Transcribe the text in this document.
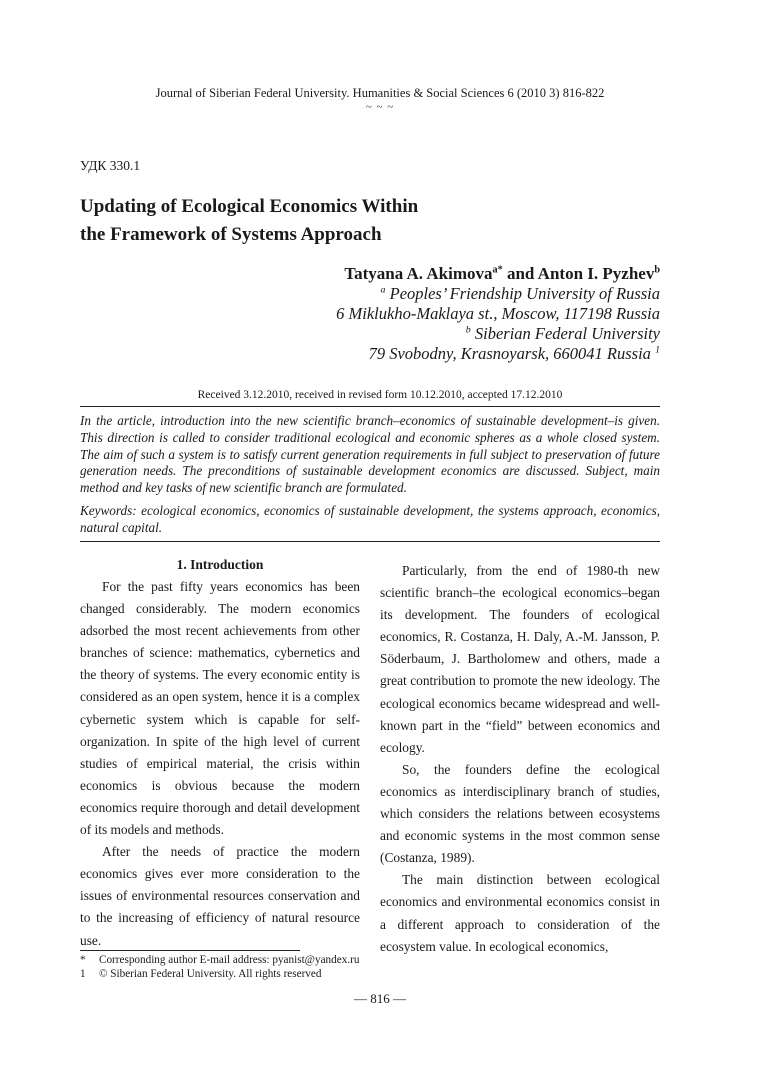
Journal of Siberian Federal University. Humanities & Social Sciences 6 (2010 3) 816-822
~ ~ ~
УДК 330.1
Updating of Ecological Economics Within
the Framework of Systems Approach
Tatyana A. Akimova$^{a*}$ and Anton I. Pyzhev$^b$
$^a$ Peoples’ Friendship University of Russia
6 Miklukho-Maklaya st., Moscow, 117198 Russia
$^b$ Siberian Federal University
79 Svobodny, Krasnoyarsk, 660041 Russia $^1$
Received 3.12.2010, received in revised form 10.12.2010, accepted 17.12.2010

In the article, introduction into the new scientific branch–economics of sustainable development–is given. This direction is called to consider traditional ecological and economic spheres as a whole closed system. The aim of such a system is to satisfy current generation requirements in full subject to preservation of future generation needs. The preconditions of sustainable development economics are discussed. Subject, main method and key tasks of new scientific branch are formulated.

Keywords: ecological economics, economics of sustainable development, the systems approach, economics, natural capital.

1. Introduction

For the past fifty years economics has been changed considerably. The modern economics adsorbed the most recent achievements from other branches of science: mathematics, cybernetics and the theory of systems. The every economic entity is considered as an open system, hence it is a complex cybernetic system which is capable for self-organization. In spite of the high level of current studies of empirical material, the crisis within economics is obvious because the modern economics require thorough and detail development of its models and methods.

After the needs of practice the modern economics gives ever more consideration to the issues of environmental resources conservation and to the increasing of efficiency of natural resource use.

Particularly, from the end of 1980-th new scientific branch–the ecological economics–began its development. The founders of ecological economics, R. Costanza, H. Daly, A.-M. Jansson, P. Söderbaum, J. Bartholomew and others, made a great contribution to promote the new ideology. The ecological economics became widespread and well-known part in the “field” between economics and ecology.

So, the founders define the ecological economics as interdisciplinary branch of studies, which considers the relations between ecosystems and economic systems in the most common sense (Costanza, 1989).

The main distinction between ecological economics and environmental economics consist in a different approach to consideration of the ecosystem value. In ecological economics,

*	Corresponding author E-mail address: pyanist@yandex.ru
1	© Siberian Federal University. All rights reserved
— 816 —
